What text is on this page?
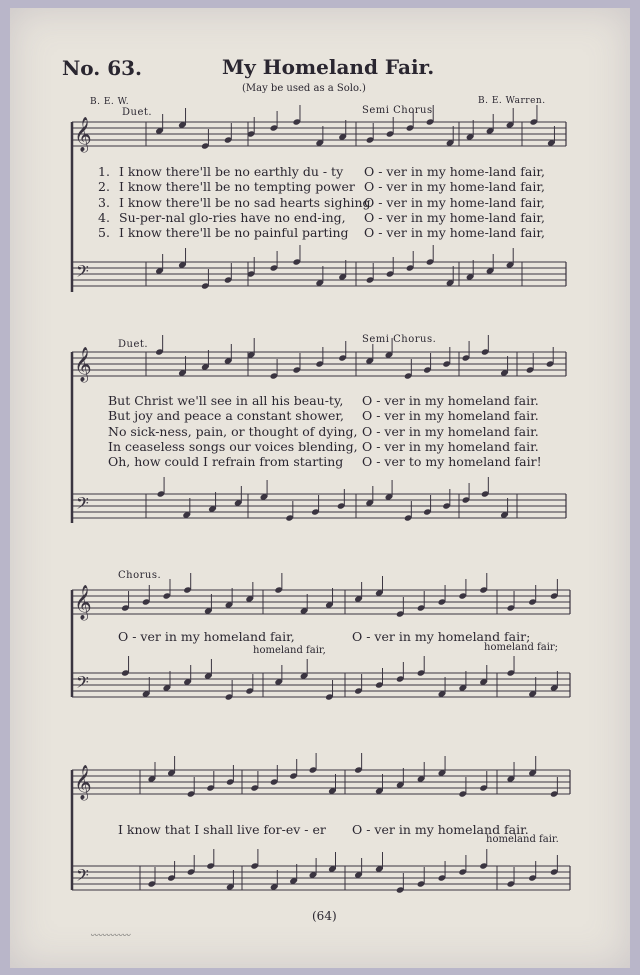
No. 63.	My Homeland Fair.
(May be used as a Solo.)
B. E. W.	B. E. Warren.
𝄞
𝄢
𝄞
𝄢
𝄞
𝄢
𝄞
𝄢
Duet.	Semi Chorus
1. I know there'll be no earthly du - ty O - ver in my home-land fair,
2. I know there'll be no tempting power O - ver in my home-land fair,
3. I know there'll be no sad hearts sighing
O - ver in my home-land fair,
4. Su-per-nal glo-ries have no end-ing, O - ver in my home-land fair,
5. I know there'll be no painful parting O - ver in my home-land fair,
Duet.	Semi Chorus.
But Christ we'll see in all his beau-ty, O - ver in my homeland fair.
But joy and peace a constant shower, O - ver in my homeland fair.
No sick-ness, pain, or thought of dying, O - ver in my homeland fair.
In ceaseless songs our voices blending, O - ver in my homeland fair.
Oh, how could I refrain from starting O - ver to my homeland fair!
Chorus.
O - ver in my homeland fair,	O - ver in my homeland fair;
homeland fair,	homeland fair;
I know that I shall live for-ev - er O - ver in my homeland fair.
homeland fair.
(64)
〰〰〰〰〰
